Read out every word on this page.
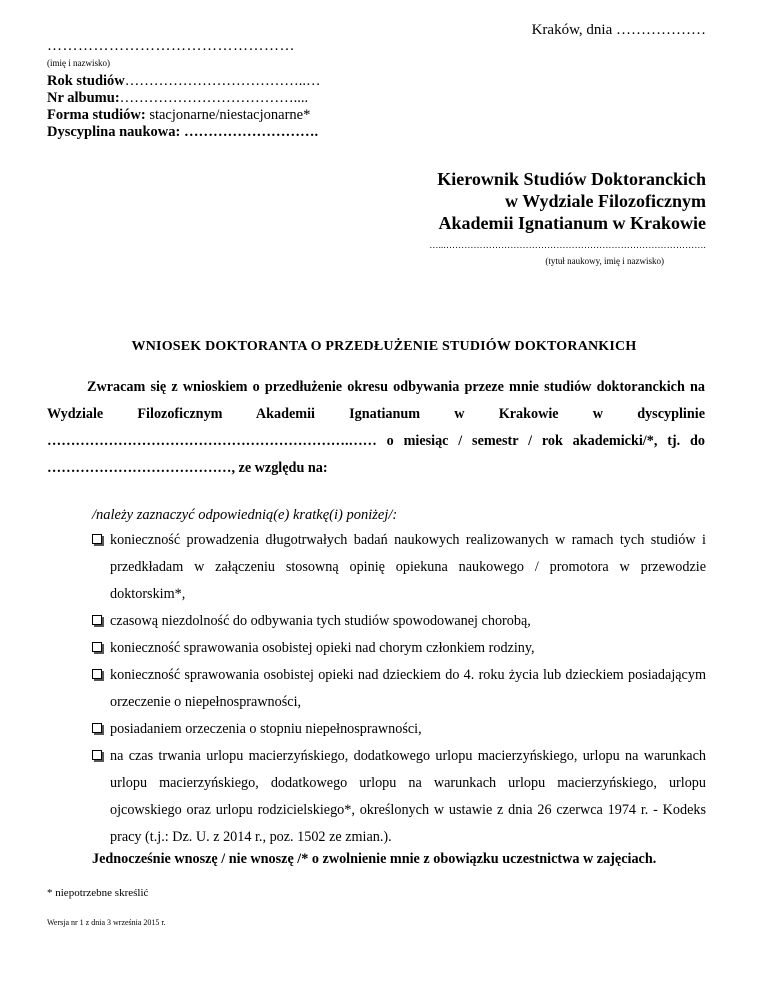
Kraków, dnia ………………
…………………………………………
(imię i nazwisko)
Rok studiów………………………………..…
Nr albumu:………………………………....
Forma studiów: stacjonarne/niestacjonarne*
Dyscyplina naukowa: ……………………….
Kierownik Studiów Doktoranckich
w Wydziale Filozoficznym
Akademii Ignatianum w Krakowie
…...………………………………………………………………………….
(tytuł naukowy, imię i nazwisko)
WNIOSEK DOKTORANTA O PRZEDŁUŻENIE STUDIÓW DOKTORANKICH
Zwracam się z wnioskiem o przedłużenie okresu odbywania przeze mnie studiów doktoranckich na Wydziale Filozoficznym Akademii Ignatianum w Krakowie w dyscyplinie ……………………………………………………….…… o miesiąc / semestr / rok akademicki/*, tj. do …………………………………, ze względu na:
/należy zaznaczyć odpowiednią(e) kratkę(i) poniżej/:
konieczność prowadzenia długotrwałych badań naukowych realizowanych w ramach tych studiów i przedkładam w załączeniu stosowną opinię opiekuna naukowego / promotora w przewodzie doktorskim*,
czasową niezdolność do odbywania tych studiów spowodowanej chorobą,
konieczność sprawowania osobistej opieki nad chorym członkiem rodziny,
konieczność sprawowania osobistej opieki nad dzieckiem do 4. roku życia lub dzieckiem posiadającym orzeczenie o niepełnosprawności,
posiadaniem orzeczenia o stopniu niepełnosprawności,
na czas trwania urlopu macierzyńskiego, dodatkowego urlopu macierzyńskiego, urlopu na warunkach urlopu macierzyńskiego, dodatkowego urlopu na warunkach urlopu macierzyńskiego, urlopu ojcowskiego oraz urlopu rodzicielskiego*, określonych w ustawie z dnia 26 czerwca 1974 r. - Kodeks pracy (t.j.: Dz. U. z 2014 r., poz. 1502 ze zmian.).
Jednocześnie wnoszę / nie wnoszę /* o zwolnienie mnie z obowiązku uczestnictwa w zajęciach.
* niepotrzebne skreślić
Wersja nr 1 z dnia 3 września 2015 r.
